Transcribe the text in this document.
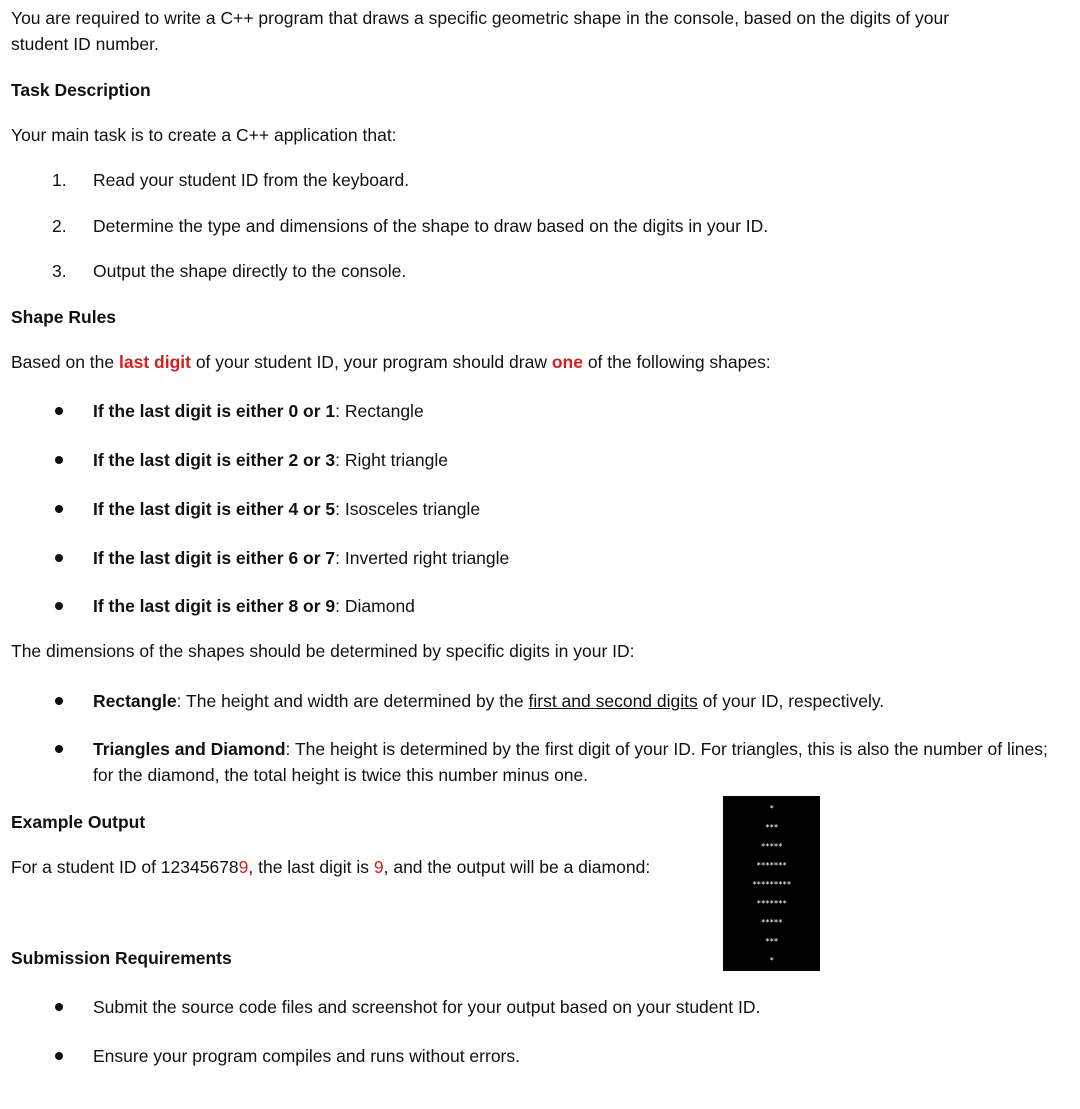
You are required to write a C++ program that draws a specific geometric shape in the console, based on the digits of your
student ID number.
Task Description
Your main task is to create a C++ application that:
1. Read your student ID from the keyboard.
2. Determine the type and dimensions of the shape to draw based on the digits in your ID.
3. Output the shape directly to the console.
Shape Rules
Based on the last digit of your student ID, your program should draw one of the following shapes:
If the last digit is either 0 or 1: Rectangle
If the last digit is either 2 or 3: Right triangle
If the last digit is either 4 or 5: Isosceles triangle
If the last digit is either 6 or 7: Inverted right triangle
If the last digit is either 8 or 9: Diamond
The dimensions of the shapes should be determined by specific digits in your ID:
Rectangle: The height and width are determined by the first and second digits of your ID, respectively.
Triangles and Diamond: The height is determined by the first digit of your ID. For triangles, this is also the number of lines; for the diamond, the total height is twice this number minus one.
Example Output
For a student ID of 123456789, the last digit is 9, and the output will be a diamond:
*
***
*****
*******
*********
*******
*****
***
*
Submission Requirements
Submit the source code files and screenshot for your output based on your student ID.
Ensure your program compiles and runs without errors.
